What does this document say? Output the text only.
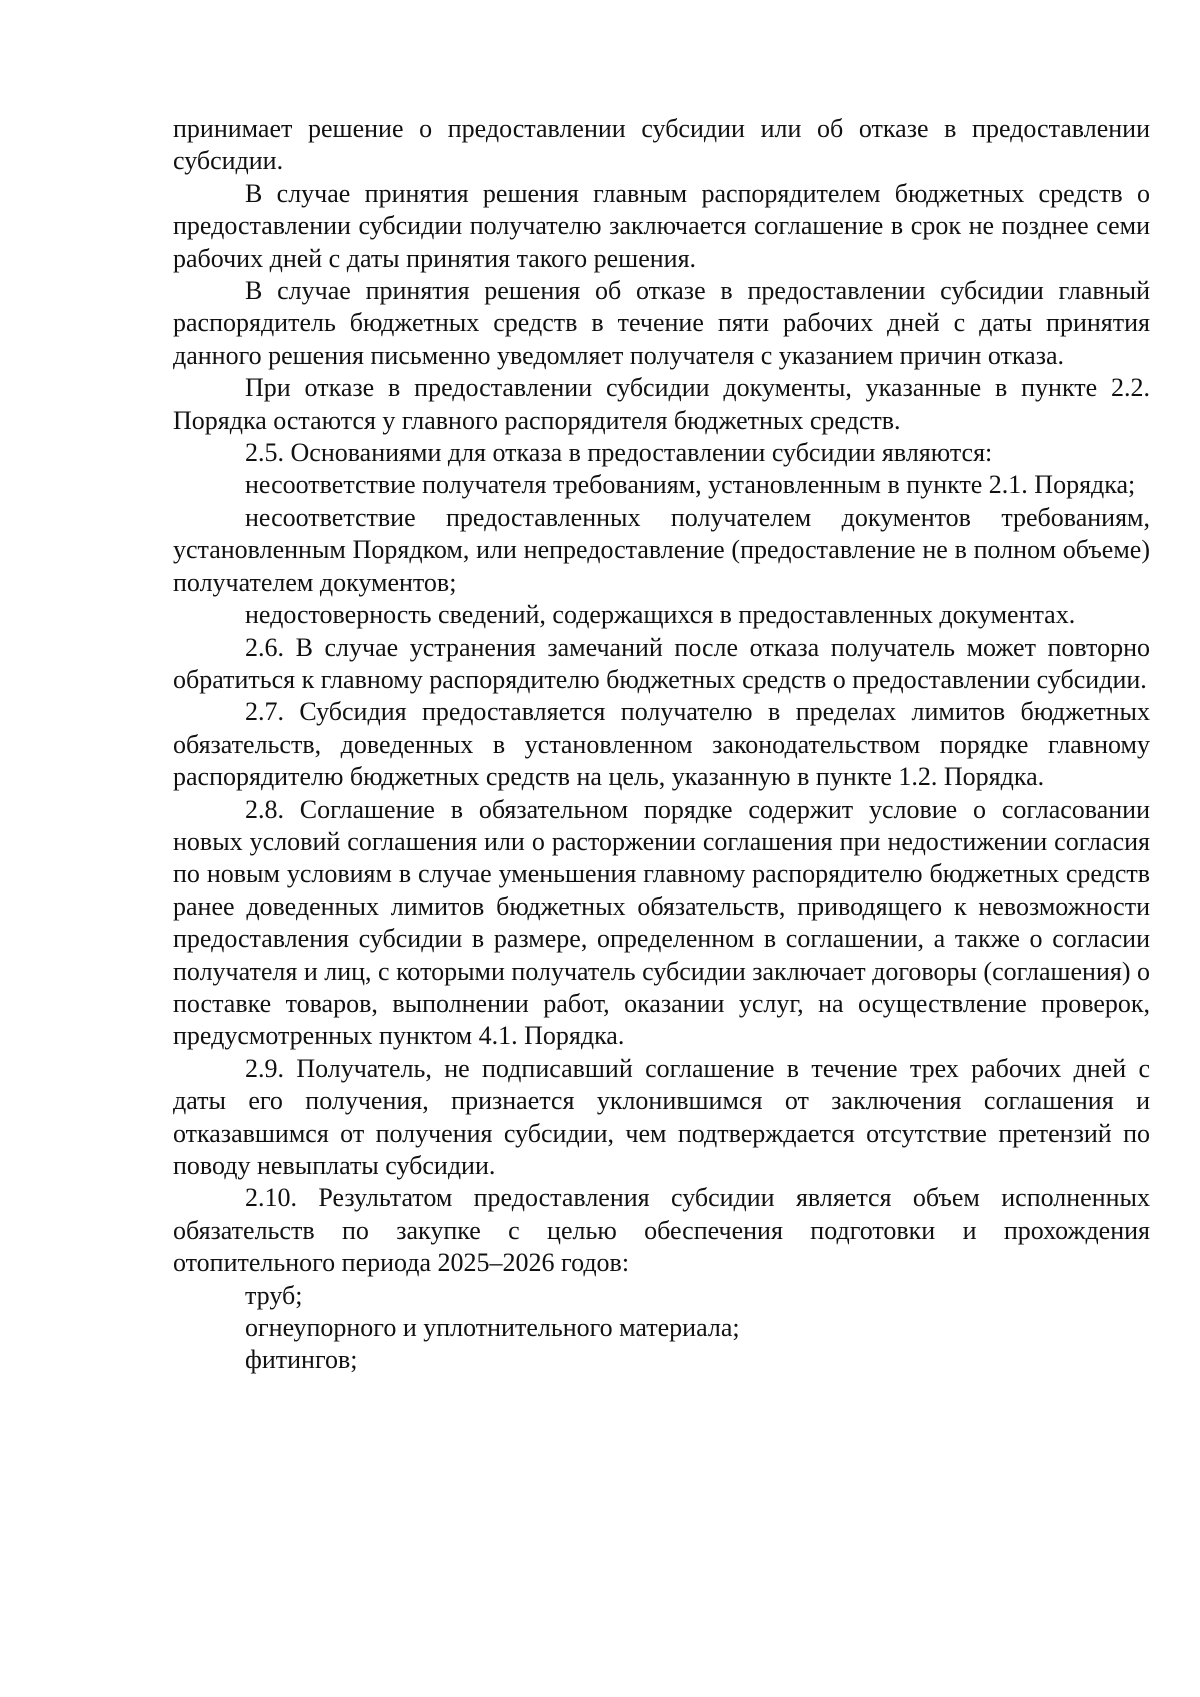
принимает решение о предоставлении субсидии или об отказе в предоставлении субсидии.

В случае принятия решения главным распорядителем бюджетных средств о предоставлении субсидии получателю заключается соглашение в срок не позднее семи рабочих дней с даты принятия такого решения.

В случае принятия решения об отказе в предоставлении субсидии главный распорядитель бюджетных средств в течение пяти рабочих дней с даты принятия данного решения письменно уведомляет получателя с указанием причин отказа.

При отказе в предоставлении субсидии документы, указанные в пункте 2.2. Порядка остаются у главного распорядителя бюджетных средств.

2.5. Основаниями для отказа в предоставлении субсидии являются:

несоответствие получателя требованиям, установленным в пункте 2.1. Порядка;

несоответствие предоставленных получателем документов требованиям, установленным Порядком, или непредоставление (предоставление не в полном объеме) получателем документов;

недостоверность сведений, содержащихся в предоставленных документах.

2.6. В случае устранения замечаний после отказа получатель может повторно обратиться к главному распорядителю бюджетных средств о предоставлении субсидии.

2.7. Субсидия предоставляется получателю в пределах лимитов бюджетных обязательств, доведенных в установленном законодательством порядке главному распорядителю бюджетных средств на цель, указанную в пункте 1.2. Порядка.

2.8. Соглашение в обязательном порядке содержит условие о согласовании новых условий соглашения или о расторжении соглашения при недостижении согласия по новым условиям в случае уменьшения главному распорядителю бюджетных средств ранее доведенных лимитов бюджетных обязательств, приводящего к невозможности предоставления субсидии в размере, определенном в соглашении, а также о согласии получателя и лиц, с которыми получатель субсидии заключает договоры (соглашения) о поставке товаров, выполнении работ, оказании услуг, на осуществление проверок, предусмотренных пунктом 4.1. Порядка.

2.9. Получатель, не подписавший соглашение в течение трех рабочих дней с даты его получения, признается уклонившимся от заключения соглашения и отказавшимся от получения субсидии, чем подтверждается отсутствие претензий по поводу невыплаты субсидии.

2.10. Результатом предоставления субсидии является объем исполненных обязательств по закупке с целью обеспечения подготовки и прохождения отопительного периода 2025–2026 годов:

труб;

огнеупорного и уплотнительного материала;

фитингов;
